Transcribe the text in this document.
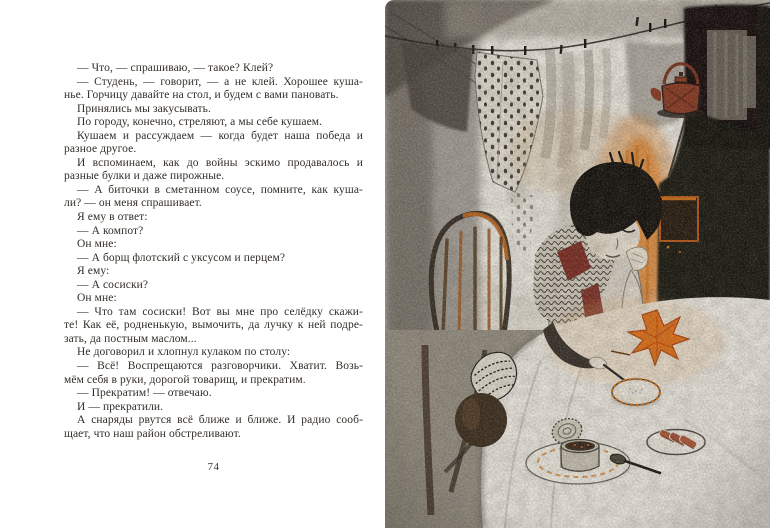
— Что, — спрашиваю, — такое? Клей?
— Студень, — говорит, — а не клей. Хорошее куша-
нье. Горчицу давайте на стол, и будем с вами пановать.
Принялись мы закусывать.
По городу, конечно, стреляют, а мы себе кушаем.
Кушаем и рассуждаем — когда будет наша победа и
разное другое.
И вспоминаем, как до войны эскимо продавалось и
разные булки и даже пирожные.
— А биточки в сметанном соусе, помните, как куша-
ли? — он меня спрашивает.
Я ему в ответ:
— А компот?
Он мне:
— А борщ флотский с уксусом и перцем?
Я ему:
— А сосиски?
Он мне:
— Что там сосиски! Вот вы мне про селёдку скажи-
те! Как её, родненькую, вымочить, да лучку к ней подре-
зать, да постным маслом...
Не договорил и хлопнул кулаком по столу:
— Всё! Воспрещаются разговорчики. Хватит. Возь-
мём себя в руки, дорогой товарищ, и прекратим.
— Прекратим! — отвечаю.
И — прекратили.
А снаряды рвутся всё ближе и ближе. И радио сооб-
щает, что наш район обстреливают.
74
